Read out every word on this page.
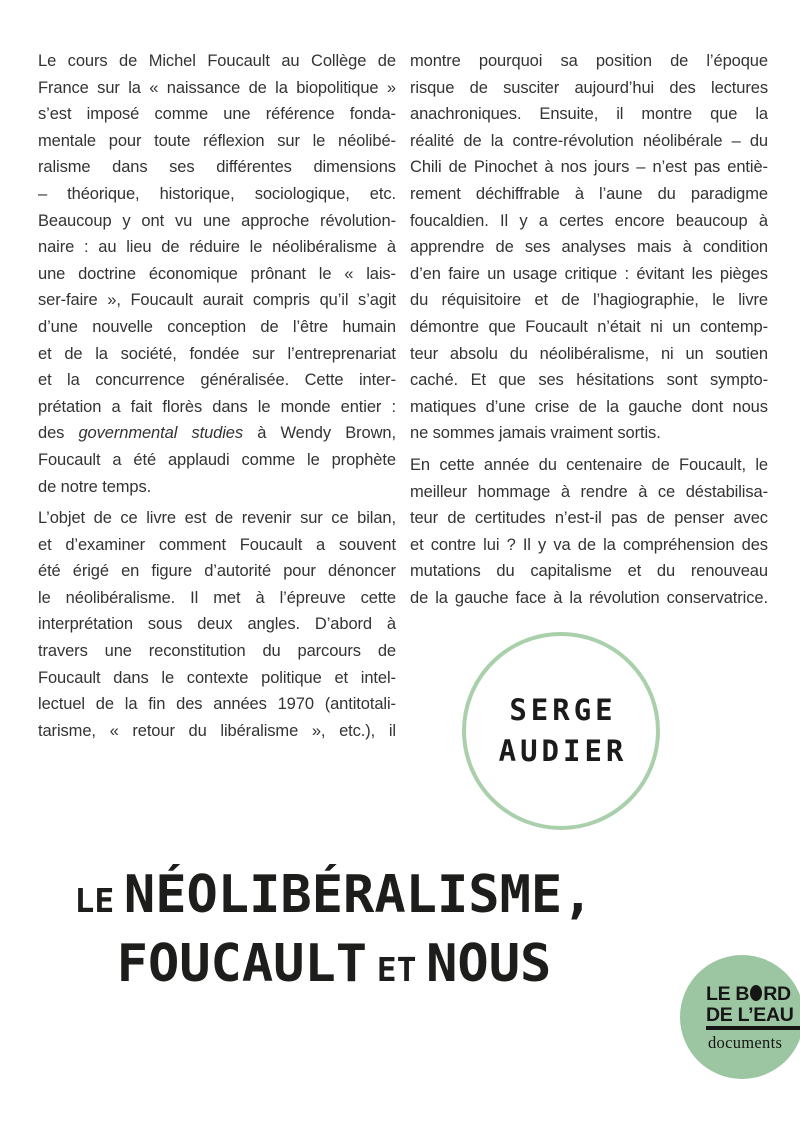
Le cours de Michel Foucault au Collège de
France sur la « naissance de la biopolitique »
s’est imposé comme une référence fonda-
mentale pour toute réflexion sur le néolibé-
ralisme dans ses différentes dimensions
– théorique, historique, sociologique, etc.
Beaucoup y ont vu une approche révolution-
naire : au lieu de réduire le néolibéralisme à
une doctrine économique prônant le « lais-
ser-faire », Foucault aurait compris qu’il s’agit
d’une nouvelle conception de l’être humain
et de la société, fondée sur l’entreprenariat
et la concurrence généralisée. Cette inter-
prétation a fait florès dans le monde entier :
des governmental studies à Wendy Brown,
Foucault a été applaudi comme le prophète
de notre temps.
L’objet de ce livre est de revenir sur ce bilan,
et d’examiner comment Foucault a souvent
été érigé en figure d’autorité pour dénoncer
le néolibéralisme. Il met à l’épreuve cette
interprétation sous deux angles. D’abord à
travers une reconstitution du parcours de
Foucault dans le contexte politique et intel-
lectuel de la fin des années 1970 (antitotali-
tarisme, « retour du libéralisme », etc.), il
montre pourquoi sa position de l’époque
risque de susciter aujourd’hui des lectures
anachroniques. Ensuite, il montre que la
réalité de la contre-révolution néolibérale – du
Chili de Pinochet à nos jours – n’est pas entiè-
rement déchiffrable à l’aune du paradigme
foucaldien. Il y a certes encore beaucoup à
apprendre de ses analyses mais à condition
d’en faire un usage critique : évitant les pièges
du réquisitoire et de l’hagiographie, le livre
démontre que Foucault n’était ni un contemp-
teur absolu du néolibéralisme, ni un soutien
caché. Et que ses hésitations sont sympto-
matiques d’une crise de la gauche dont nous
ne sommes jamais vraiment sortis.
En cette année du centenaire de Foucault, le
meilleur hommage à rendre à ce déstabilisa-
teur de certitudes n’est-il pas de penser avec
et contre lui ? Il y va de la compréhension des
mutations du capitalisme et du renouveau
de la gauche face à la révolution conservatrice.
SERGE
AUDIER
LE NÉOLIBÉRALISME,
FOUCAULT ET NOUS	LE B RD
DE L’EAU
documents
